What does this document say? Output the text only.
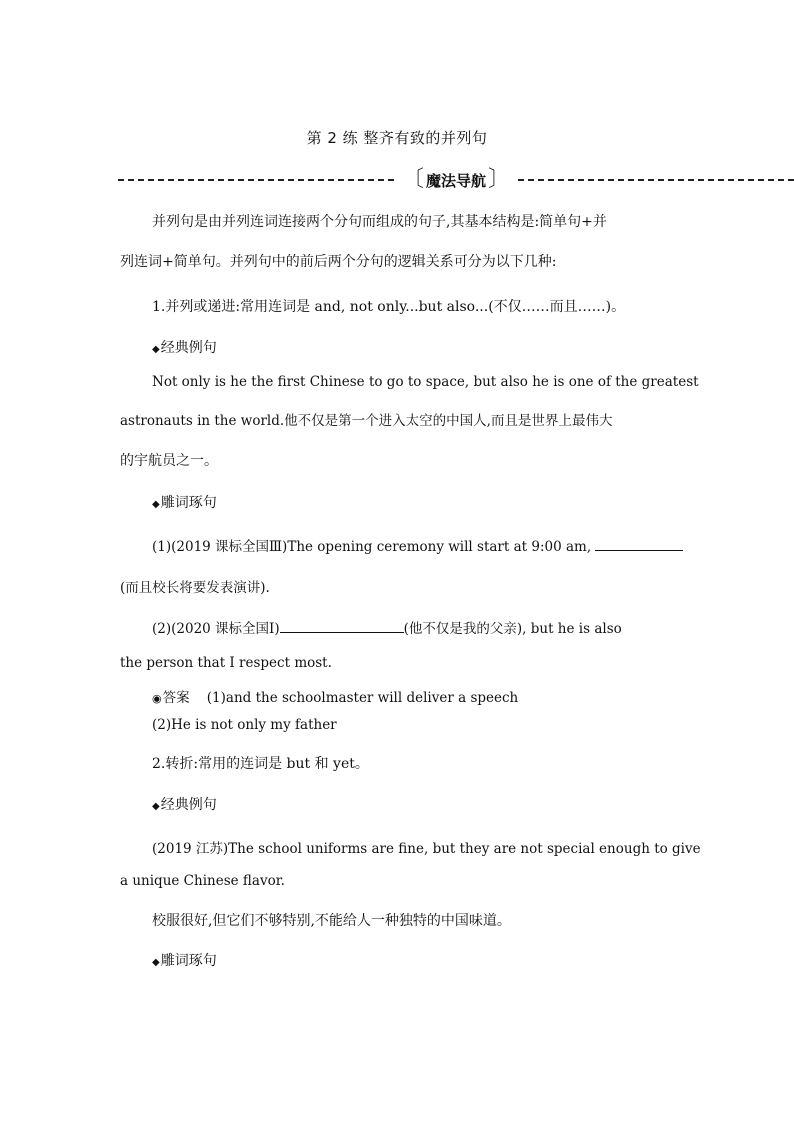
第 2 练 整齐有致的并列句
〔 魔法导航 〕
并列句是由并列连词连接两个分句而组成的句子,其基本结构是:简单句+并
列连词+简单句。并列句中的前后两个分句的逻辑关系可分为以下几种:
1.并列或递进:常用连词是 and, not only...but also...(不仅……而且……)。
◆经典例句
Not only is he the first Chinese to go to space, but also he is one of the greatest
astronauts in the world.他不仅是第一个进入太空的中国人,而且是世界上最伟大
的宇航员之一。
◆雕词琢句
(1)(2019 课标全国Ⅲ)The opening ceremony will start at 9:00 am,
(而且校长将要发表演讲).
(2)(2020 课标全国Ⅰ)	(他不仅是我的父亲), but he is also
the person that I respect most.
◉答案 (1)and the schoolmaster will deliver a speech
(2)He is not only my father
2.转折:常用的连词是 but 和 yet。
◆经典例句
(2019 江苏)The school uniforms are fine, but they are not special enough to give
a unique Chinese flavor.
校服很好,但它们不够特别,不能给人一种独特的中国味道。
◆雕词琢句
